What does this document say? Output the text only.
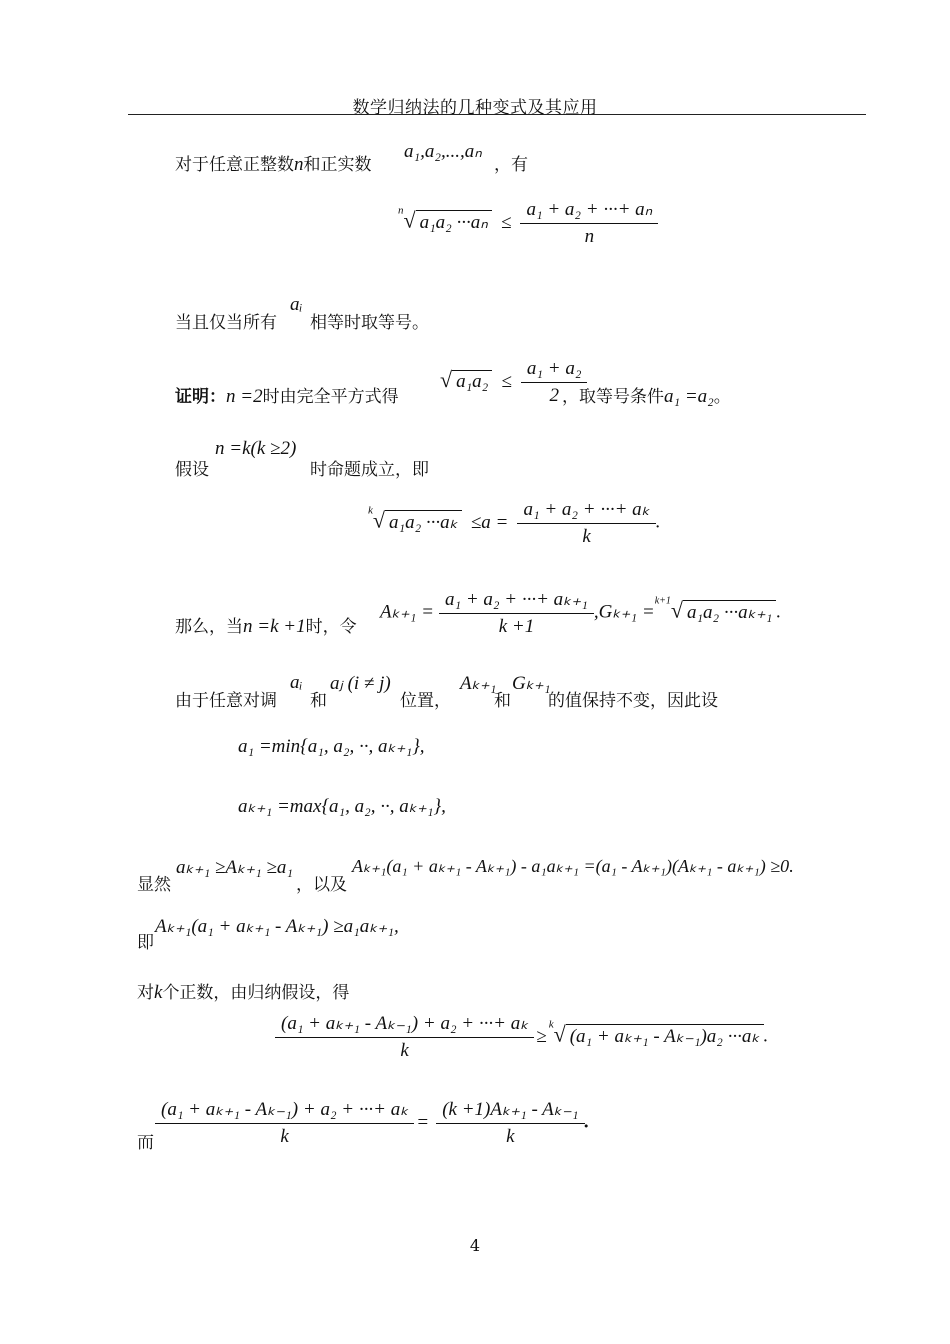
数学归纳法的几种变式及其应用
对于任意正整数n和正实数
a₁,a₂,...,aₙ
，有
$^n$√ $a_1a_2 \cdot\cdot\cdot a_n \le \frac{\text{a₁ + a₂ + ···+ aₙ}}{n}$
当且仅当所有
aᵢ
相等时取等号。
证明：n =2时由完全平方式得
√ $a_1a_2 \le \frac{\text{a₁ + a₂}}{2}$
，取等号条件a₁ =a₂。
假设
n =k(k ≥2)
时命题成立，即
$^k$√ $a_1a_2 \cdot\cdot\cdot a_k \le a = \frac{\text{a₁ + a₂ + ···+ aₖ}}{k}$ .
那么，当n =k +1时，令
$A_{k+1} = \frac{\text{a₁ + a₂ + ···+ aₖ₊₁}}{k +1} ,G_{k+1} =^{k+1}√$ a₁a₂ ···aₖ₊₁ .
由于任意对调
aᵢ
和
aⱼ (i ≠ j)
位置，
Aₖ₊₁
和
Gₖ₊₁
的值保持不变，因此设
a₁ =min{a₁, a₂, ··, aₖ₊₁},
aₖ₊₁ =max{a₁, a₂, ··, aₖ₊₁},
显然
aₖ₊₁ ≥Aₖ₊₁ ≥a₁
，以及
Aₖ₊₁(a₁ + aₖ₊₁ - Aₖ₊₁) - a₁aₖ₊₁ =(a₁ - Aₖ₊₁)(Aₖ₊₁ - aₖ₊₁) ≥0.
即
Aₖ₊₁(a₁ + aₖ₊₁ - Aₖ₊₁) ≥a₁aₖ₊₁,
对k个正数，由归纳假设，得
$\frac{\text{(a₁ + aₖ₊₁ - Aₖ₋₁) + a₂ + ···+ aₖ}}{k} \ge^k√$ (a₁ + aₖ₊₁ - Aₖ₋₁)a₂ ···aₖ .
而 $\frac{\text{(a₁ + aₖ₊₁ - Aₖ₋₁) + a₂ + ···+ aₖ}}{k} = \frac{\text{(k +1)Aₖ₊₁ - Aₖ₋₁}}{k}$ .
4
